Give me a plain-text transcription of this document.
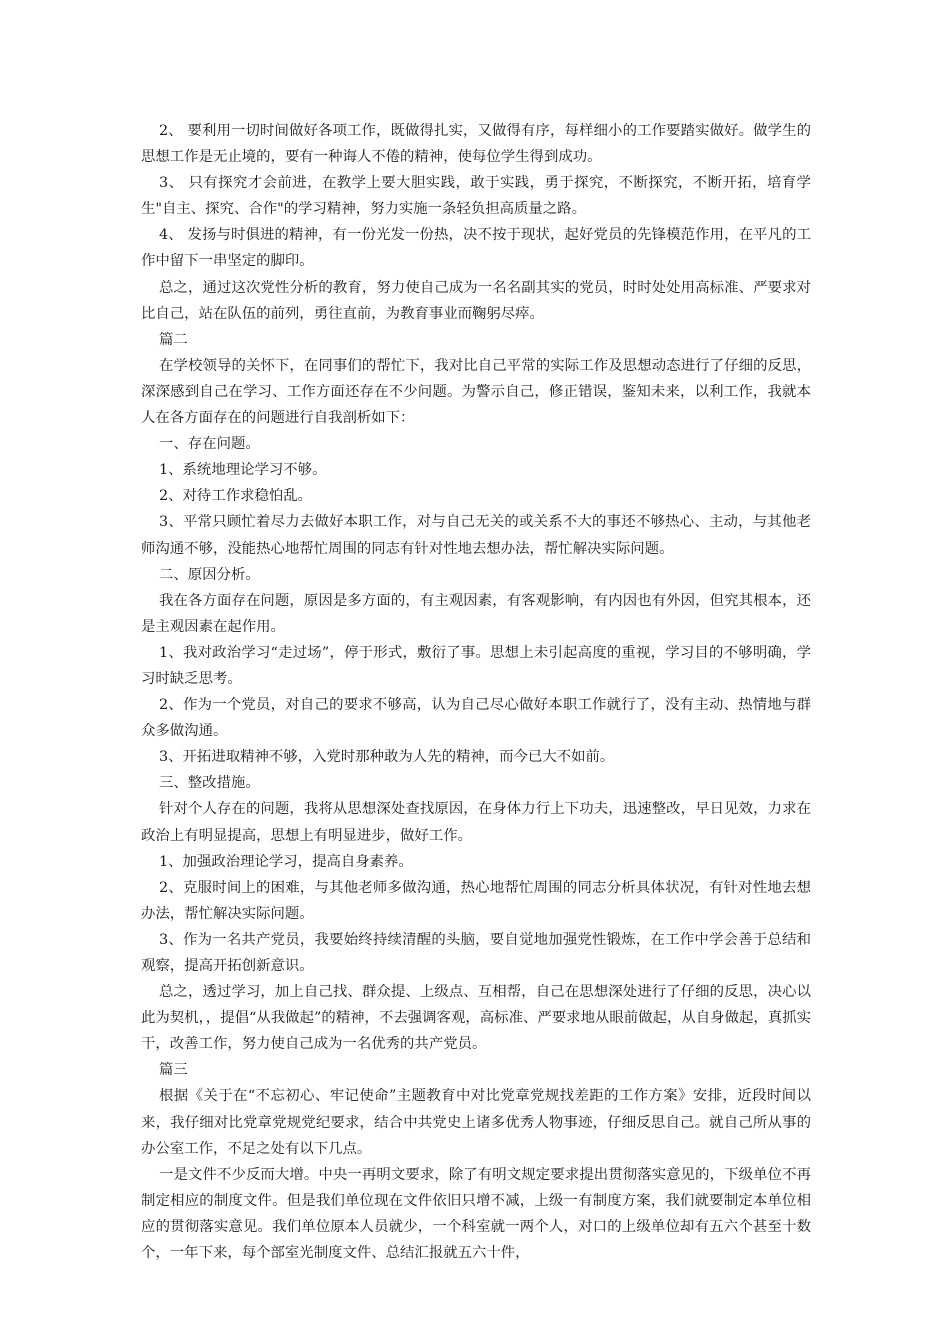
2、 要利用一切时间做好各项工作，既做得扎实，又做得有序，每样细小的工作要踏实做好。做学生的思想工作是无止境的，要有一种诲人不倦的精神，使每位学生得到成功。

3、 只有探究才会前进，在教学上要大胆实践，敢于实践，勇于探究，不断探究，不断开拓，培育学生"自主、探究、合作"的学习精神，努力实施一条轻负担高质量之路。

4、 发扬与时俱进的精神，有一份光发一份热，决不按于现状，起好党员的先锋模范作用，在平凡的工作中留下一串坚定的脚印。

总之，通过这次党性分析的教育，努力使自己成为一名名副其实的党员，时时处处用高标准、严要求对比自己，站在队伍的前列，勇往直前，为教育事业而鞠躬尽瘁。

篇二

在学校领导的关怀下，在同事们的帮忙下，我对比自己平常的实际工作及思想动态进行了仔细的反思，深深感到自己在学习、工作方面还存在不少问题。为警示自己，修正错误，鉴知未来，以利工作，我就本人在各方面存在的问题进行自我剖析如下：

一、存在问题。

1、系统地理论学习不够。

2、对待工作求稳怕乱。

3、平常只顾忙着尽力去做好本职工作，对与自己无关的或关系不大的事还不够热心、主动，与其他老师沟通不够，没能热心地帮忙周围的同志有针对性地去想办法，帮忙解决实际问题。

二、原因分析。

我在各方面存在问题，原因是多方面的，有主观因素，有客观影响，有内因也有外因，但究其根本，还是主观因素在起作用。

1、我对政治学习“走过场”，停于形式，敷衍了事。思想上未引起高度的重视，学习目的不够明确，学习时缺乏思考。

2、作为一个党员，对自己的要求不够高，认为自己尽心做好本职工作就行了，没有主动、热情地与群众多做沟通。

3、开拓进取精神不够，入党时那种敢为人先的精神，而今已大不如前。

三、整改措施。

针对个人存在的问题，我将从思想深处查找原因，在身体力行上下功夫，迅速整改，早日见效，力求在政治上有明显提高，思想上有明显进步，做好工作。

1、加强政治理论学习，提高自身素养。

2、克服时间上的困难，与其他老师多做沟通，热心地帮忙周围的同志分析具体状况，有针对性地去想办法，帮忙解决实际问题。

3、作为一名共产党员，我要始终持续清醒的头脑，要自觉地加强党性锻炼，在工作中学会善于总结和观察，提高开拓创新意识。

总之，透过学习，加上自己找、群众提、上级点、互相帮，自己在思想深处进行了仔细的反思，决心以此为契机，，提倡“从我做起”的精神，不去强调客观，高标准、严要求地从眼前做起，从自身做起，真抓实干，改善工作，努力使自己成为一名优秀的共产党员。

篇三

根据《关于在“不忘初心、牢记使命”主题教育中对比党章党规找差距的工作方案》安排，近段时间以来，我仔细对比党章党规党纪要求，结合中共党史上诸多优秀人物事迹，仔细反思自己。就自己所从事的办公室工作，不足之处有以下几点。

一是文件不少反而大增。中央一再明文要求，除了有明文规定要求提出贯彻落实意见的，下级单位不再制定相应的制度文件。但是我们单位现在文件依旧只增不减，上级一有制度方案，我们就要制定本单位相应的贯彻落实意见。我们单位原本人员就少，一个科室就一两个人，对口的上级单位却有五六个甚至十数个，一年下来，每个部室光制度文件、总结汇报就五六十件，
